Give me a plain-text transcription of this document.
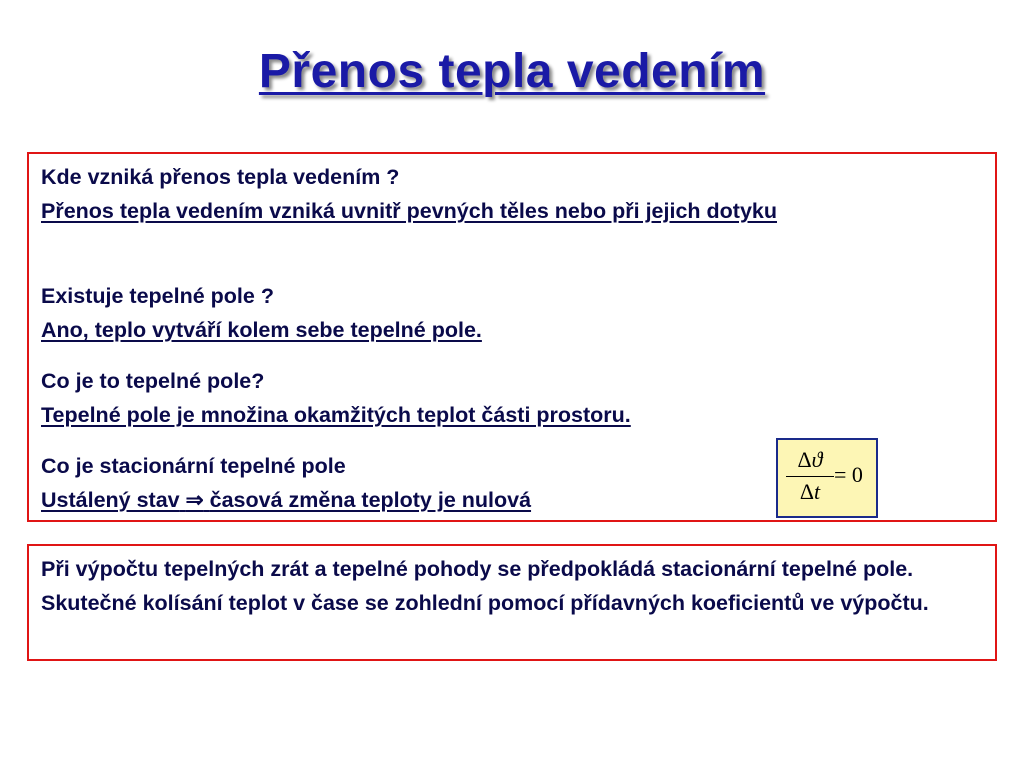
Přenos tepla vedením
Kde vzniká přenos tepla vedením ?
Přenos tepla vedením vzniká uvnitř pevných těles nebo při jejich dotyku
Existuje tepelné pole ?
Ano, teplo vytváří kolem sebe tepelné pole.
Co je to tepelné pole?
Tepelné pole je množina okamžitých teplot části prostoru.
Co je stacionární tepelné pole
Ustálený stav ⇒ časová změna teploty je nulová	$\frac{\Delta ϑ}{\Delta t} = 0$
Při výpočtu tepelných zrát a tepelné pohody se předpokládá stacionární tepelné pole. Skutečné kolísání teplot v čase se zohlední pomocí přídavných koeficientů ve výpočtu.
